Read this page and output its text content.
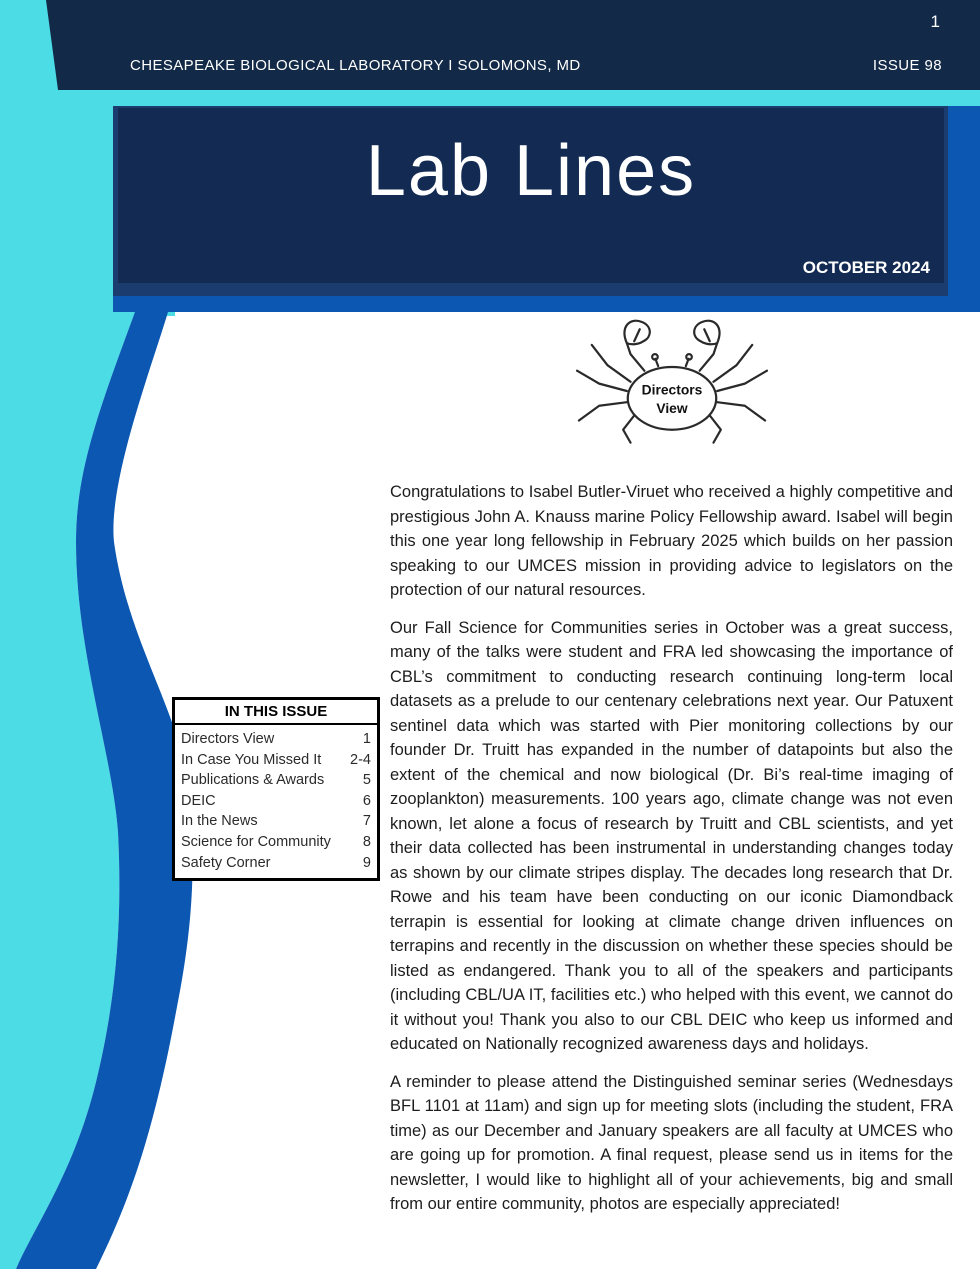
1
CHESAPEAKE BIOLOGICAL LABORATORY I SOLOMONS, MD	ISSUE 98
Lab Lines
OCTOBER 2024
Directors
View

Congratulations to Isabel Butler-Viruet who received a highly competitive and prestigious John A. Knauss marine Policy Fellowship award. Isabel will begin this one year long fellowship in February 2025 which builds on her passion speaking to our UMCES mission in providing advice to legislators on the protection of our natural resources.

Our Fall Science for Communities series in October was a great success, many of the talks were student and FRA led showcasing the importance of CBL’s commitment to conducting research continuing long-term local datasets as a prelude to our centenary celebrations next year. Our Patuxent sentinel data which was started with Pier monitoring collections by our founder Dr. Truitt has expanded in the number of datapoints but also the extent of the chemical and now biological (Dr. Bi’s real-time imaging of zooplankton) measurements. 100 years ago, climate change was not even known, let alone a focus of research by Truitt and CBL scientists, and yet their data collected has been instrumental in understanding changes today as shown by our climate stripes display. The decades long research that Dr. Rowe and his team have been conducting on our iconic Diamondback terrapin is essential for looking at climate change driven influences on terrapins and recently in the discussion on whether these species should be listed as endangered. Thank you to all of the speakers and participants (including CBL/UA IT, facilities etc.) who helped with this event, we cannot do it without you! Thank you also to our CBL DEIC who keep us informed and educated on Nationally recognized awareness days and holidays.

A reminder to please attend the Distinguished seminar series (Wednesdays BFL 1101 at 11am) and sign up for meeting slots (including the student, FRA time) as our December and January speakers are all faculty at UMCES who are going up for promotion. A final request, please send us in items for the newsletter, I would like to highlight all of your achievements, big and small from our entire community, photos are especially appreciated!

IN THIS ISSUE
Directors View	1
In Case You Missed It 2-4
Publications & Awards	5
DEIC	6
In the News	7
Science for Community 8
Safety Corner	9
